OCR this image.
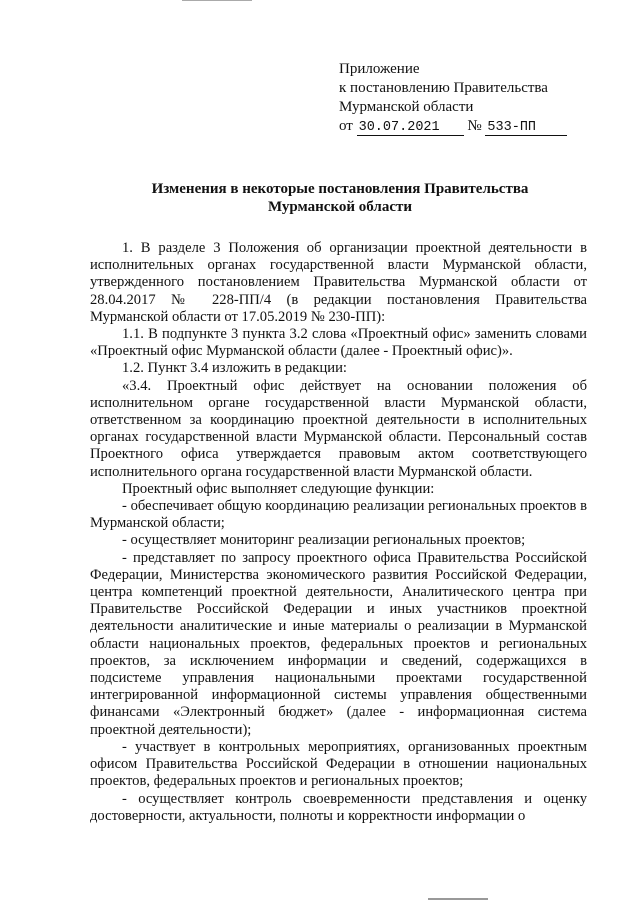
Приложение
к постановлению Правительства
Мурманской области
от 30.07.2021 № 533-ПП
Изменения в некоторые постановления Правительства
Мурманской области

1. В разделе 3 Положения об организации проектной деятельности в исполнительных органах государственной власти Мурманской области, утвержденного постановлением Правительства Мурманской области от 28.04.2017 № 228-ПП/4 (в редакции постановления Правительства Мурманской области от 17.05.2019 № 230-ПП):

1.1. В подпункте 3 пункта 3.2 слова «Проектный офис» заменить словами «Проектный офис Мурманской области (далее - Проектный офис)».

1.2. Пункт 3.4 изложить в редакции:

«3.4. Проектный офис действует на основании положения об исполнительном органе государственной власти Мурманской области, ответственном за координацию проектной деятельности в исполнительных органах государственной власти Мурманской области. Персональный состав Проектного офиса утверждается правовым актом соответствующего исполнительного органа государственной власти Мурманской области.

Проектный офис выполняет следующие функции:

- обеспечивает общую координацию реализации региональных проектов в Мурманской области;

- осуществляет мониторинг реализации региональных проектов;

- представляет по запросу проектного офиса Правительства Российской Федерации, Министерства экономического развития Российской Федерации, центра компетенций проектной деятельности, Аналитического центра при Правительстве Российской Федерации и иных участников проектной деятельности аналитические и иные материалы о реализации в Мурманской области национальных проектов, федеральных проектов и региональных проектов, за исключением информации и сведений, содержащихся в подсистеме управления национальными проектами государственной интегрированной информационной системы управления общественными финансами «Электронный бюджет» (далее - информационная система проектной деятельности);

- участвует в контрольных мероприятиях, организованных проектным офисом Правительства Российской Федерации в отношении национальных проектов, федеральных проектов и региональных проектов;

- осуществляет контроль своевременности представления и оценку достоверности, актуальности, полноты и корректности информации о
